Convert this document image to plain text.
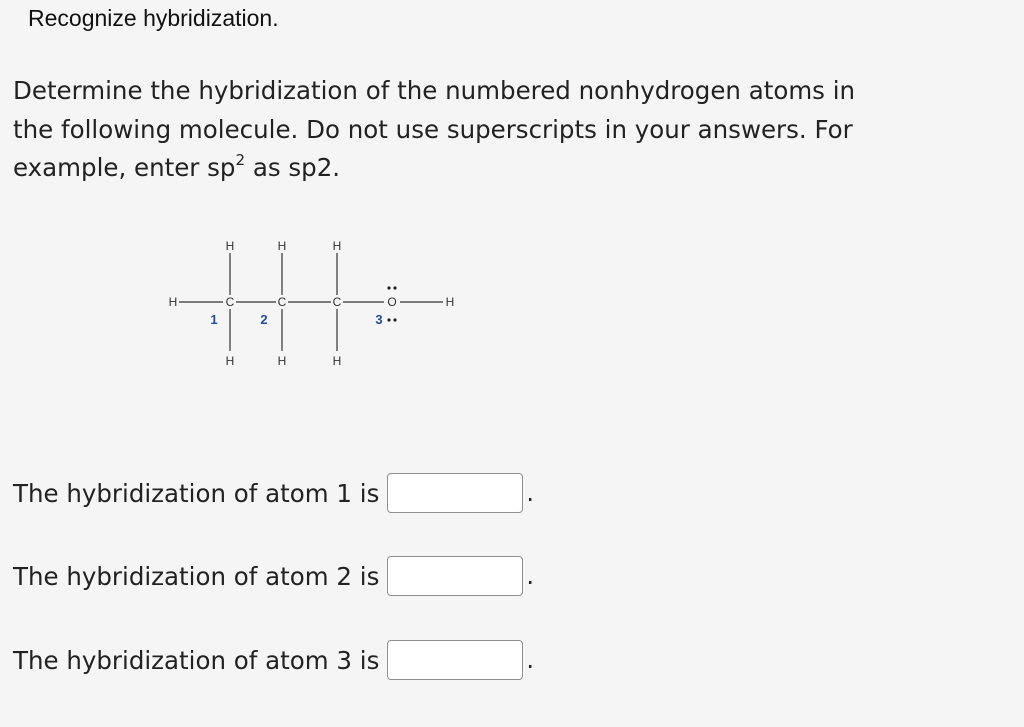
Recognize hybridization.
Determine the hybridization of the numbered nonhydrogen atoms in
the following molecule. Do not use superscripts in your answers. For
example, enter $sp^2$ as sp2.
H	H	H
H	C	C	C	O	H
H	H	H
1	2	3
The hybridization of atom 1 is	.
The hybridization of atom 2 is	.
The hybridization of atom 3 is	.
